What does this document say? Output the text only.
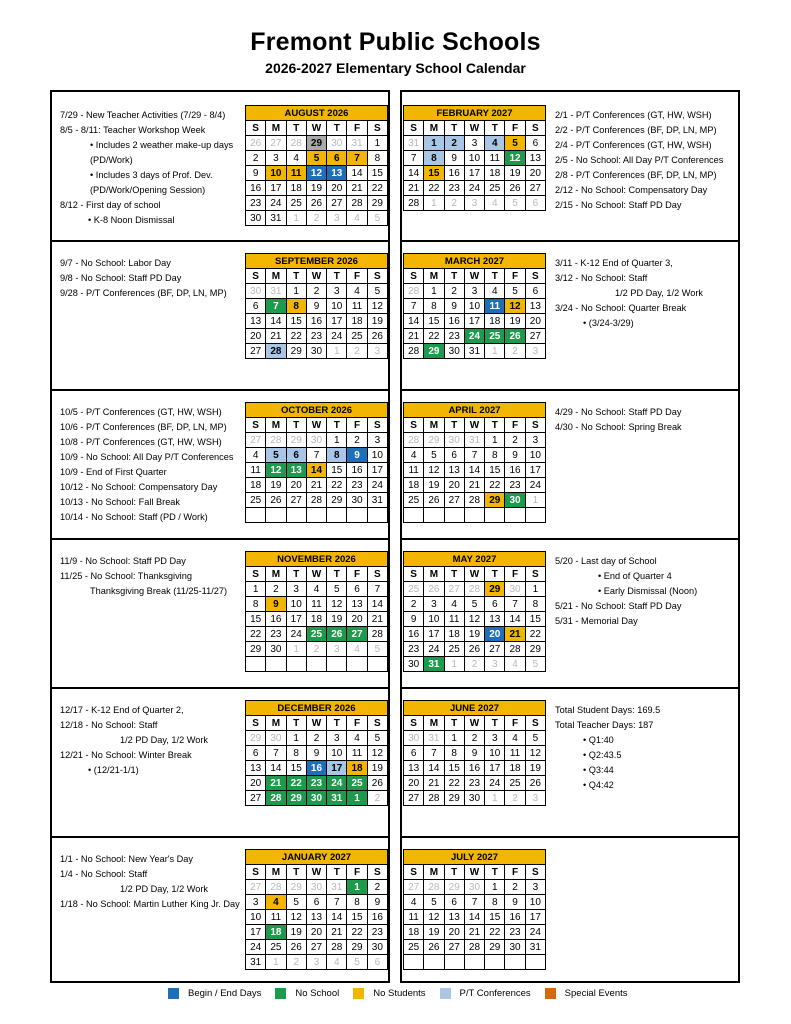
Fremont Public Schools
2026-2027 Elementary School Calendar
7/29 - New Teacher Activities (7/29 - 8/4)
8/5 - 8/11: Teacher Workshop Week
• Includes 2 weather make-up days
(PD/Work)
• Includes 3 days of Prof. Dev.
(PD/Work/Opening Session)
8/12 - First day of school
• K-8 Noon Dismissal
2/1 - P/T Conferences (GT, HW, WSH)
2/2 - P/T Conferences (BF, DP, LN, MP)
2/4 - P/T Conferences (GT, HW, WSH)
2/5 - No School: All Day P/T Conferences
2/8 - P/T Conferences (BF, DP, LN, MP)
2/12 - No School: Compensatory Day
2/15 - No School: Staff PD Day
AUGUST 2026						
S	M	T	W	T	F	S
26	27	28	29	30	31	1
2	3	4	5	6	7	8
9	10	11	12	13	14	15
16	17	18	19	20	21	22
23	24	25	26	27	28	29
30	31	1	2	3	4	5
FEBRUARY 2027						
S	M	T	W	T	F	S
31	1	2	3	4	5	6
7	8	9	10	11	12	13
14	15	16	17	18	19	20
21	22	23	24	25	26	27
28	1	2	3	4	5	6
9/7 - No School: Labor Day
9/8 - No School: Staff PD Day
9/28 - P/T Conferences (BF, DP, LN, MP)
3/11 - K-12 End of Quarter 3,
3/12 - No School: Staff
1/2 PD Day, 1/2 Work
3/24 - No School: Quarter Break
• (3/24-3/29)
SEPTEMBER 2026						
S	M	T	W	T	F	S
30	31	1	2	3	4	5
6	7	8	9	10	11	12
13	14	15	16	17	18	19
20	21	22	23	24	25	26
27	28	29	30	1	2	3
MARCH 2027						
S	M	T	W	T	F	S
28	1	2	3	4	5	6
7	8	9	10	11	12	13
14	15	16	17	18	19	20
21	22	23	24	25	26	27
28	29	30	31	1	2	3
10/5 - P/T Conferences (GT, HW, WSH)
10/6 - P/T Conferences (BF, DP, LN, MP)
10/8 - P/T Conferences (GT, HW, WSH)
10/9 - No School: All Day P/T Conferences
10/9 - End of First Quarter
10/12 - No School: Compensatory Day
10/13 - No School: Fall Break
10/14 - No School: Staff (PD / Work)
4/29 - No School: Staff PD Day
4/30 - No School: Spring Break
OCTOBER 2026						
S	M	T	W	T	F	S
27	28	29	30	1	2	3
4	5	6	7	8	9	10
11	12	13	14	15	16	17
18	19	20	21	22	23	24
25	26	27	28	29	30	31

APRIL 2027						
S	M	T	W	T	F	S
28	29	30	31	1	2	3
4	5	6	7	8	9	10
11	12	13	14	15	16	17
18	19	20	21	22	23	24
25	26	27	28	29	30	1

11/9 - No School: Staff PD Day
11/25 - No School: Thanksgiving
Thanksgiving Break (11/25-11/27)
5/20 - Last day of School
• End of Quarter 4
• Early Dismissal (Noon)
5/21 - No School: Staff PD Day
5/31 - Memorial Day
NOVEMBER 2026						
S	M	T	W	T	F	S
1	2	3	4	5	6	7
8	9	10	11	12	13	14
15	16	17	18	19	20	21
22	23	24	25	26	27	28
29	30	1	2	3	4	5

MAY 2027						
S	M	T	W	T	F	S
25	26	27	28	29	30	1
2	3	4	5	6	7	8
9	10	11	12	13	14	15
16	17	18	19	20	21	22
23	24	25	26	27	28	29
30	31	1	2	3	4	5
12/17 - K-12 End of Quarter 2,
12/18 - No School: Staff
1/2 PD Day, 1/2 Work
12/21 - No School: Winter Break
• (12/21-1/1)
Total Student Days: 169.5
Total Teacher Days: 187
• Q1:40
• Q2:43.5
• Q3:44
• Q4:42
DECEMBER 2026						
S	M	T	W	T	F	S
29	30	1	2	3	4	5
6	7	8	9	10	11	12
13	14	15	16	17	18	19
20	21	22	23	24	25	26
27	28	29	30	31	1	2
JUNE 2027						
S	M	T	W	T	F	S
30	31	1	2	3	4	5
6	7	8	9	10	11	12
13	14	15	16	17	18	19
20	21	22	23	24	25	26
27	28	29	30	1	2	3
1/1 - No School: New Year's Day
1/4 - No School: Staff
1/2 PD Day, 1/2 Work
1/18 - No School: Martin Luther King Jr. Day
JANUARY 2027						
S	M	T	W	T	F	S
27	28	29	30	31	1	2
3	4	5	6	7	8	9
10	11	12	13	14	15	16
17	18	19	20	21	22	23
24	25	26	27	28	29	30
31	1	2	3	4	5	6
JULY 2027						
S	M	T	W	T	F	S
27	28	29	30	1	2	3
4	5	6	7	8	9	10
11	12	13	14	15	16	17
18	19	20	21	22	23	24
25	26	27	28	29	30	31

Begin / End Days	No School	No Students	P/T Conferences	Special Events
